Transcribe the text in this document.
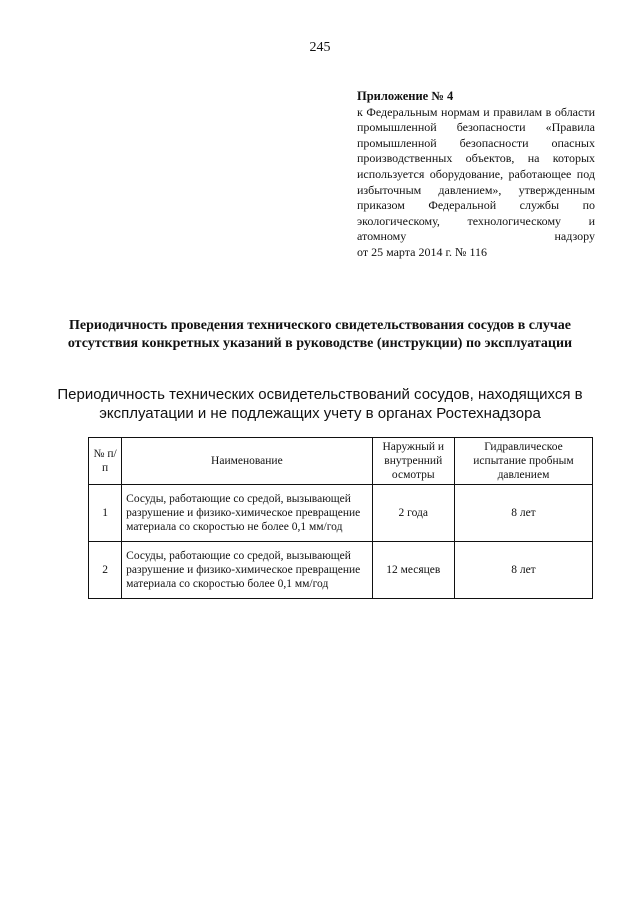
245
Приложение № 4
к Федеральным нормам и правилам в области промышленной безопасности «Правила промышленной безопасности опасных производственных объектов, на которых используется оборудование, работающее под избыточным давлением», утвержденным приказом Федеральной службы по экологическому, технологическому и атомному надзору
от 25 марта 2014 г. № 116
Периодичность проведения технического свидетельствования сосудов в случае отсутствия конкретных указаний в руководстве (инструкции) по эксплуатации
Периодичность технических освидетельствований сосудов, находящихся в эксплуатации и не подлежащих учету в органах Ростехнадзора
№ п/п	Наименование	Наружный и внутренний осмотры	Гидравлическое испытание пробным давлением
1	Сосуды, работающие со средой, вызывающей разрушение и физико-химическое превращение материала со скоростью не более 0,1 мм/год	2 года	8 лет
2	Сосуды, работающие со средой, вызывающей разрушение и физико-химическое превращение материала со скоростью более 0,1 мм/год	12 месяцев	8 лет
